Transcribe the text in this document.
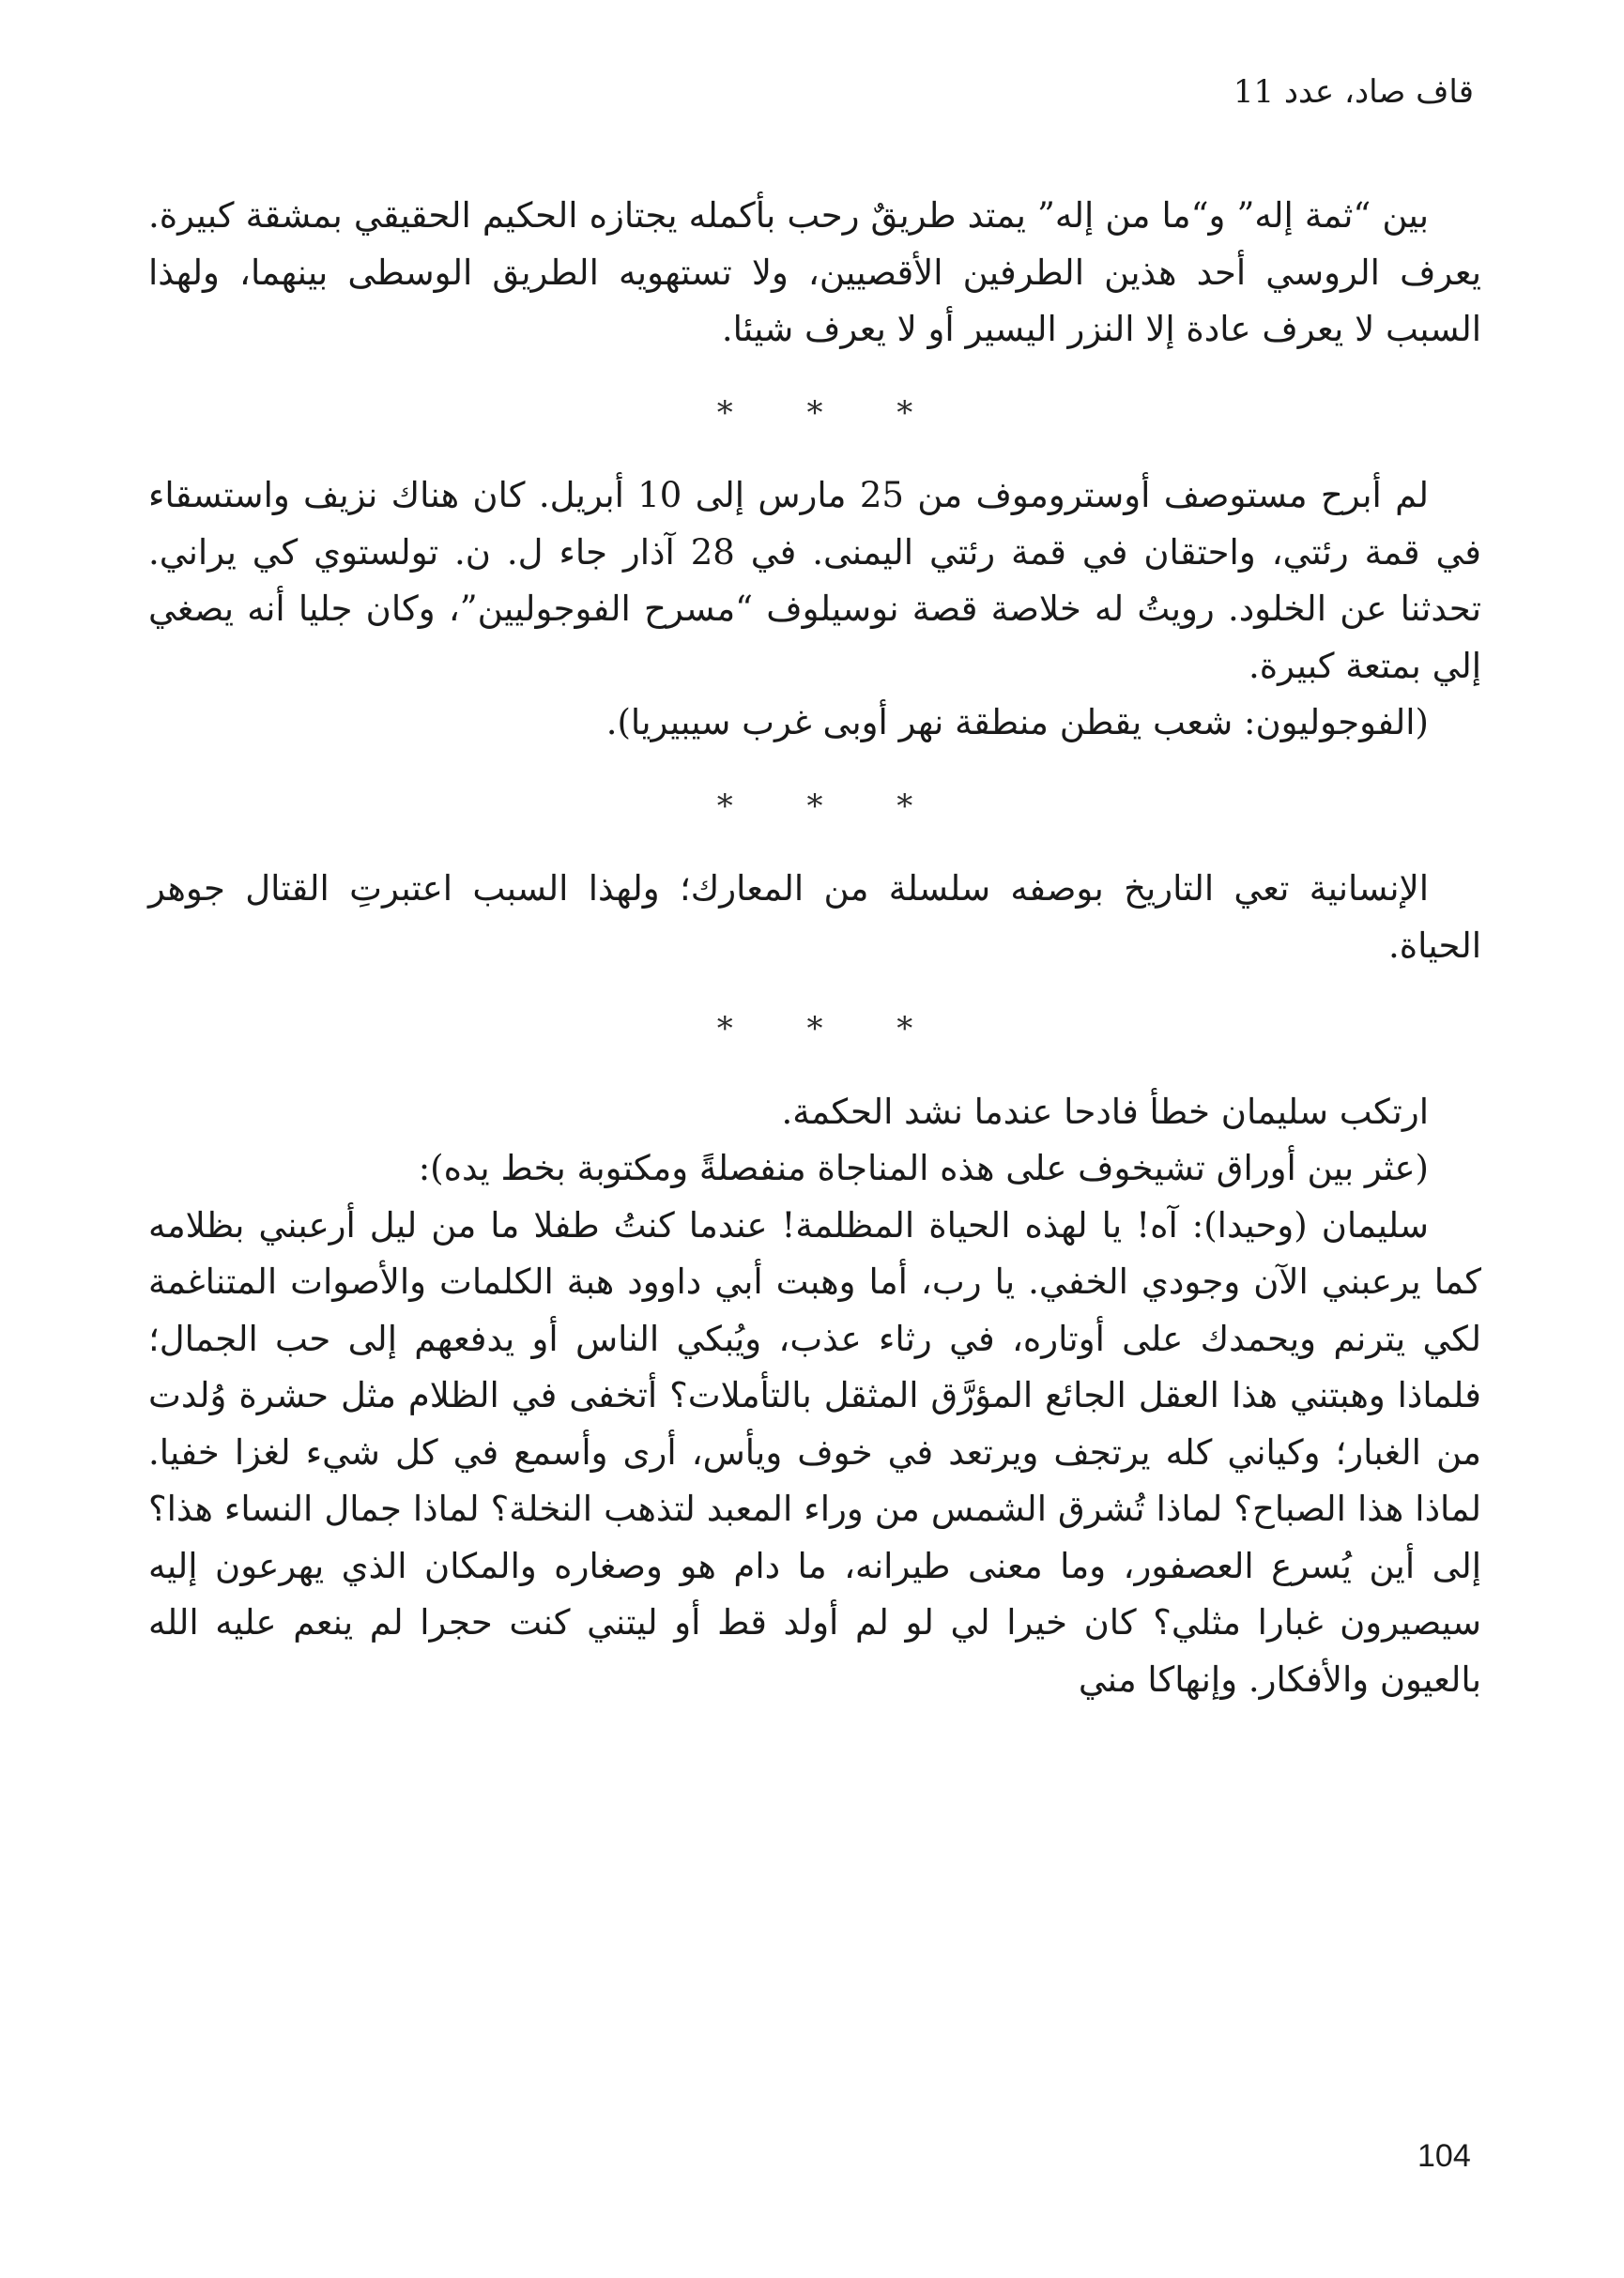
قاف صاد، عدد 11

بين “ثمة إله” و“ما من إله” يمتد طريقٌ رحب بأكمله يجتازه الحكيم الحقيقي بمشقة كبيرة. يعرف الروسي أحد هذين الطرفين الأقصيين، ولا تستهويه الطريق الوسطى بينهما، ولهذا السبب لا يعرف عادة إلا النزر اليسير أو لا يعرف شيئا.

* * *

لم أبرح مستوصف أوستروموف من 25 مارس إلى 10 أبريل. كان هناك نزيف واستسقاء في قمة رئتي، واحتقان في قمة رئتي اليمنى. في 28 آذار جاء ل. ن. تولستوي كي يراني. تحدثنا عن الخلود. رويتُ له خلاصة قصة نوسيلوف “مسرح الفوجوليين”، وكان جليا أنه يصغي إلي بمتعة كبيرة.

(الفوجوليون: شعب يقطن منطقة نهر أوبى غرب سيبيريا).

* * *

الإنسانية تعي التاريخ بوصفه سلسلة من المعارك؛ ولهذا السبب اعتبرتِ القتال جوهر الحياة.

* * *

ارتكب سليمان خطأ فادحا عندما نشد الحكمة.

(عثر بين أوراق تشيخوف على هذه المناجاة منفصلةً ومكتوبة بخط يده):

سليمان (وحيدا): آه! يا لهذه الحياة المظلمة! عندما كنتُ طفلا ما من ليل أرعبني بظلامه كما يرعبني الآن وجودي الخفي. يا رب، أما وهبت أبي داوود هبة الكلمات والأصوات المتناغمة لكي يترنم ويحمدك على أوتاره، في رثاء عذب، ويُبكي الناس أو يدفعهم إلى حب الجمال؛ فلماذا وهبتني هذا العقل الجائع المؤرَّق المثقل بالتأملات؟ أتخفى في الظلام مثل حشرة وُلدت من الغبار؛ وكياني كله يرتجف ويرتعد في خوف ويأس، أرى وأسمع في كل شيء لغزا خفيا. لماذا هذا الصباح؟ لماذا تُشرق الشمس من وراء المعبد لتذهب النخلة؟ لماذا جمال النساء هذا؟ إلى أين يُسرع العصفور، وما معنى طيرانه، ما دام هو وصغاره والمكان الذي يهرعون إليه سيصيرون غبارا مثلي؟ كان خيرا لي لو لم أولد قط أو ليتني كنت حجرا لم ينعم عليه الله بالعيون والأفكار. وإنهاكا مني

104
